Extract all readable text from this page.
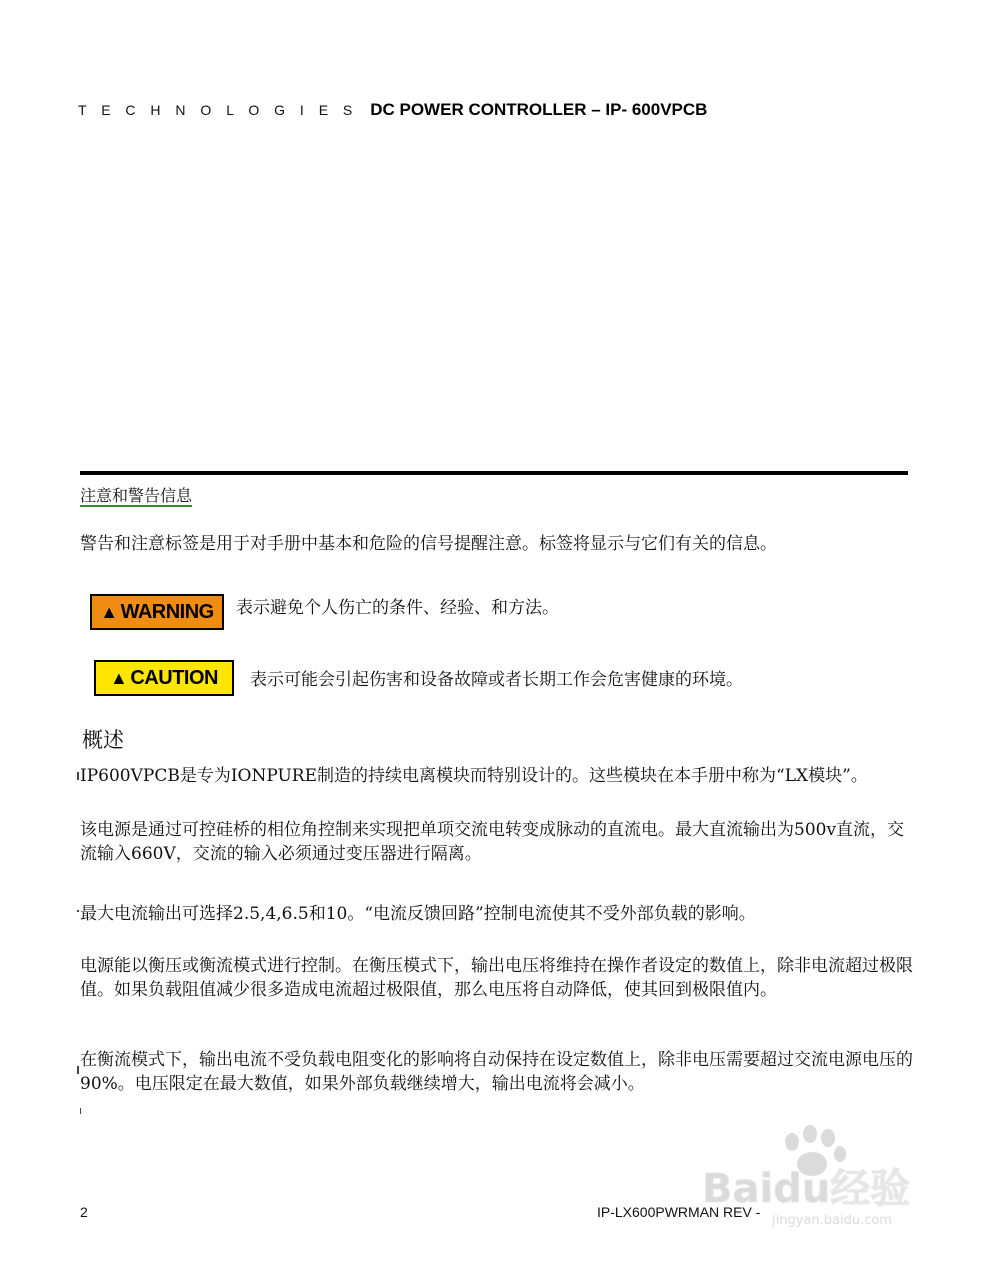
T E C H N O L O G I E S DC POWER CONTROLLER – IP- 600VPCB
注意和警告信息
警告和注意标签是用于对手册中基本和危险的信号提醒注意。标签将显示与它们有关的信息。
▲ WARNING 表示避免个人伤亡的条件、经验、和方法。
▲ CAUTION 表示可能会引起伤害和设备故障或者长期工作会危害健康的环境。
概述
IP600VPCB是专为IONPURE制造的持续电离模块而特别设计的。这些模块在本手册中称为“LX模块”。
该电源是通过可控硅桥的相位角控制来实现把单项交流电转变成脉动的直流电。最大直流输出为500v直流，交流输入660V，交流的输入必须通过变压器进行隔离。
最大电流输出可选择2.5,4,6.5和10。“电流反馈回路”控制电流使其不受外部负载的影响。
电源能以衡压或衡流模式进行控制。在衡压模式下，输出电压将维持在操作者设定的数值上，除非电流超过极限值。如果负载阻值减少很多造成电流超过极限值，那么电压将自动降低，使其回到极限值内。
在衡流模式下，输出电流不受负载电阻变化的影响将自动保持在设定数值上，除非电压需要超过交流电源电压的90%。电压限定在最大数值，如果外部负载继续增大，输出电流将会减小。
2	IP-LX600PWRMAN REV -
Baidu经验
jingyan.baidu.com
